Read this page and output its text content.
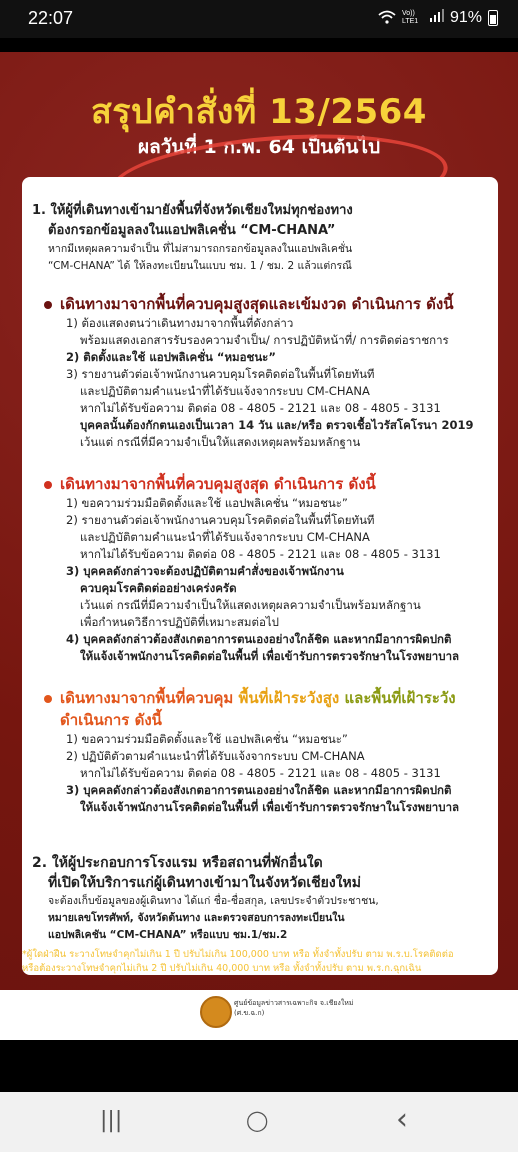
22:07	Vo)) LTE1	91%
สรุปคำสั่งที่ 13/2564
ผลวันที่ 1 ก.พ. 64 เป็นต้นไป
1. ให้ผู้ที่เดินทางเข้ามายังพื้นที่จังหวัดเชียงใหม่ทุกช่องทาง
ต้องกรอกข้อมูลลงในแอปพลิเคชั่น “CM-CHANA”
หากมีเหตุผลความจำเป็น ที่ไม่สามารถกรอกข้อมูลลงในแอปพลิเคชั่น
“CM-CHANA” ได้ ให้ลงทะเบียนในแบบ ชม. 1 / ชม. 2 แล้วแต่กรณี
เดินทางมาจากพื้นที่ควบคุมสูงสุดและเข้มงวด ดำเนินการ ดังนี้
1) ต้องแสดงตนว่าเดินทางมาจากพื้นที่ดังกล่าว
พร้อมแสดงเอกสารรับรองความจำเป็น/ การปฏิบัติหน้าที่/ การติดต่อราชการ
2) ติดตั้งและใช้ แอปพลิเคชั่น “หมอชนะ”
3) รายงานตัวต่อเจ้าพนักงานควบคุมโรคติดต่อในพื้นที่โดยทันที
และปฏิบัติตามคำแนะนำที่ได้รับแจ้งจากระบบ CM-CHANA
หากไม่ได้รับข้อความ ติดต่อ 08 - 4805 - 2121 และ 08 - 4805 - 3131
บุคคลนั้นต้องกักตนเองเป็นเวลา 14 วัน และ/หรือ ตรวจเชื้อไวรัสโคโรนา 2019
เว้นแต่ กรณีที่มีความจำเป็นให้แสดงเหตุผลพร้อมหลักฐาน
เดินทางมาจากพื้นที่ควบคุมสูงสุด ดำเนินการ ดังนี้
1) ขอความร่วมมือติดตั้งและใช้ แอปพลิเคชั่น “หมอชนะ”
2) รายงานตัวต่อเจ้าพนักงานควบคุมโรคติดต่อในพื้นที่โดยทันที
และปฏิบัติตามคำแนะนำที่ได้รับแจ้งจากระบบ CM-CHANA
หากไม่ได้รับข้อความ ติดต่อ 08 - 4805 - 2121 และ 08 - 4805 - 3131
3) บุคคลดังกล่าวจะต้องปฏิบัติตามคำสั่งของเจ้าพนักงาน
ควบคุมโรคติดต่ออย่างเคร่งครัด
เว้นแต่ กรณีที่มีความจำเป็นให้แสดงเหตุผลความจำเป็นพร้อมหลักฐาน
เพื่อกำหนดวิธีการปฏิบัติที่เหมาะสมต่อไป
4) บุคคลดังกล่าวต้องสังเกตอาการตนเองอย่างใกล้ชิด และหากมีอาการผิดปกติ
ให้แจ้งเจ้าพนักงานโรคติดต่อในพื้นที่ เพื่อเข้ารับการตรวจรักษาในโรงพยาบาล
เดินทางมาจากพื้นที่ควบคุม พื้นที่เฝ้าระวังสูง และพื้นที่เฝ้าระวัง
ดำเนินการ ดังนี้
1) ขอความร่วมมือติดตั้งและใช้ แอปพลิเคชั่น “หมอชนะ”
2) ปฏิบัติตัวตามคำแนะนำที่ได้รับแจ้งจากระบบ CM-CHANA
หากไม่ได้รับข้อความ ติดต่อ 08 - 4805 - 2121 และ 08 - 4805 - 3131
3) บุคคลดังกล่าวต้องสังเกตอาการตนเองอย่างใกล้ชิด และหากมีอาการผิดปกติ
ให้แจ้งเจ้าพนักงานโรคติดต่อในพื้นที่ เพื่อเข้ารับการตรวจรักษาในโรงพยาบาล
2. ให้ผู้ประกอบการโรงแรม หรือสถานที่พักอื่นใด
ที่เปิดให้บริการแก่ผู้เดินทางเข้ามาในจังหวัดเชียงใหม่
จะต้องเก็บข้อมูลของผู้เดินทาง ได้แก่ ชื่อ-ชื่อสกุล, เลขประจำตัวประชาชน,
หมายเลขโทรศัพท์, จังหวัดต้นทาง และตรวจสอบการลงทะเบียนใน
แอปพลิเคชัน “CM-CHANA” หรือแบบ ชม.1/ชม.2
*ผู้ใดฝ่าฝืน ระวางโทษจำคุกไม่เกิน 1 ปี ปรับไม่เกิน 100,000 บาท หรือ ทั้งจำทั้งปรับ ตาม พ.ร.บ.โรคติดต่อ
หรือต้องระวางโทษจำคุกไม่เกิน 2 ปี ปรับไม่เกิน 40,000 บาท หรือ ทั้งจำทั้งปรับ ตาม พ.ร.ก.ฉุกเฉิน
ศูนย์ข้อมูลข่าวสารเฉพาะกิจ จ.เชียงใหม่
(ศ.ข.ฉ.ก)
|||	◯	‹
